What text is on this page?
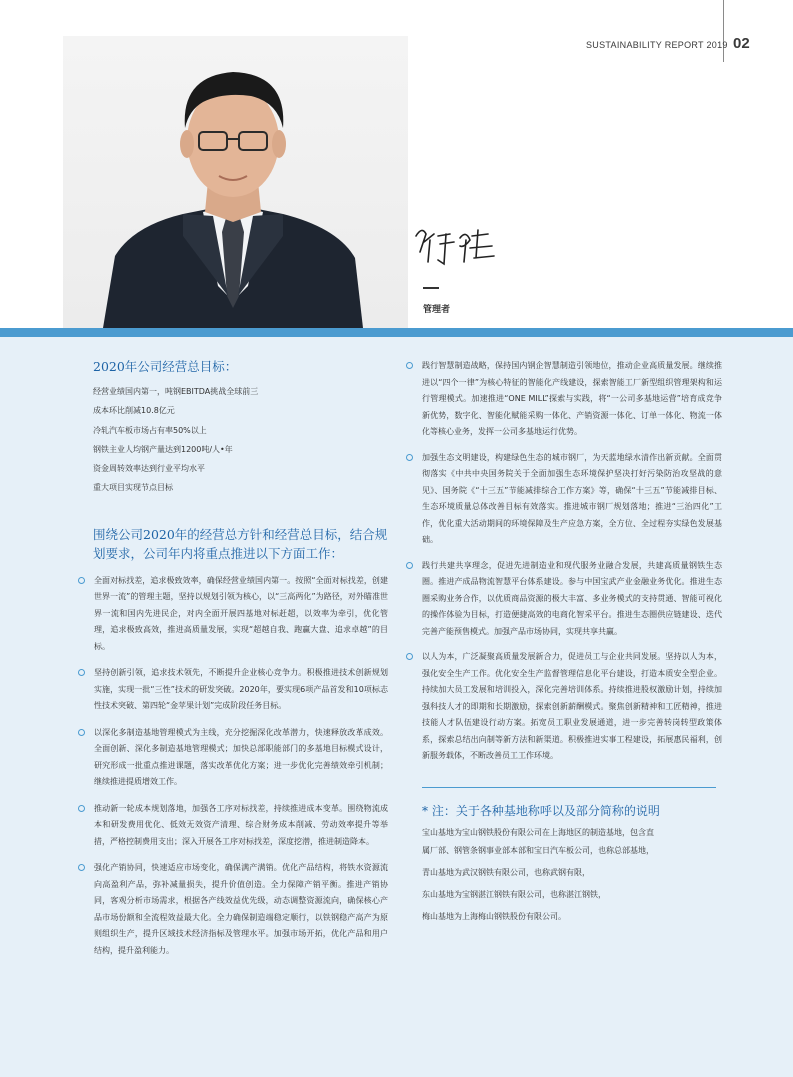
SUSTAINABILITY REPORT 2019 02
管理者
2020年公司经营总目标：
经营业绩国内第一，吨钢EBITDA挑战全球前三
成本环比削减10.8亿元
冷轧汽车板市场占有率50%以上
钢铁主业人均钢产量达到1200吨/人•年
资金周转效率达到行业平均水平
重大项目实现节点目标
围绕公司2020年的经营总方针和经营总目标，结合规划要求，公司年内将重点推进以下方面工作：
全面对标找差，追求极致效率，确保经营业绩国内第一。按照“全面对标找差，创建世界一流”的管理主题，坚持以规划引领为核心，以“三高两化”为路径，对外瞄准世界一流和国内先进民企，对内全面开展四基地对标赶超，以效率为牵引，优化管理，追求极致高效，推进高质量发展，实现“超越自我、跑赢大盘、追求卓越”的目标。
坚持创新引领，追求技术领先，不断提升企业核心竞争力。积极推进技术创新规划实施，实现一批“三性”技术的研发突破。2020年，要实现6项产品首发和10项标志性技术突破、第四轮“金苹果计划”完成阶段任务目标。
以深化多制造基地管理模式为主线，充分挖掘深化改革潜力，快速释放改革成效。全面创新、深化多制造基地管理模式；加快总部职能部门的多基地目标模式设计，研究形成一批重点推进课题，落实改革优化方案；进一步优化完善绩效牵引机制；继续推进提质增效工作。
推动新一轮成本规划落地，加强各工序对标找差，持续推进成本变革。围绕物流成本和研发费用优化、低效无效资产清理、综合财务成本削减、劳动效率提升等举措，严格控制费用支出；深入开展各工序对标找差，深度挖潜，推进制造降本。
强化产销协同，快速适应市场变化，确保满产满销。优化产品结构，将铁水资源流向高盈利产品，弥补减量损失，提升价值创造。全力保障产销平衡。推进产销协同，客观分析市场需求，根据各产线效益优先级，动态调整资源流向，确保核心产品市场份额和全流程效益最大化。全力确保制造端稳定顺行，以铁钢稳产高产为原则组织生产，提升区域技术经济指标及管理水平。加强市场开拓，优化产品和用户结构，提升盈利能力。
践行智慧制造战略，保持国内钢企智慧制造引领地位，推动企业高质量发展。继续推进以“四个一律”为核心特征的智能化产线建设，探索智能工厂新型组织管理架构和运行管理模式。加速推进“ONE MILL”探索与实践，将“一公司多基地运营”培育成竞争新优势，数字化、智能化赋能采购一体化、产销资源一体化、订单一体化、物流一体化等核心业务，发挥一公司多基地运行优势。
加强生态文明建设，构建绿色生态的城市钢厂，为天蓝地绿水清作出新贡献。全面贯彻落实《中共中央国务院关于全面加强生态环境保护坚决打好污染防治攻坚战的意见》、国务院《“十三五”节能减排综合工作方案》等，确保“十三五”节能减排目标、生态环境质量总体改善目标有效落实。推进城市钢厂规划落地；推进“三治四化”工作，优化重大活动期间的环境保障及生产应急方案，全方位、全过程夯实绿色发展基础。
践行共建共享理念，促进先进制造业和现代服务业融合发展，共建高质量钢铁生态圈。推进产成品物流智慧平台体系建设。参与中国宝武产业金融业务优化。推进生态圈采购业务合作，以优质商品资源的极大丰富、多业务模式的支持贯通、智能可视化的操作体验为目标，打造便捷高效的电商化智采平台。推进生态圈供应链建设、迭代完善产能预售模式。加强产品市场协同，实现共享共赢。
以人为本，广泛凝聚高质量发展新合力，促进员工与企业共同发展。坚持以人为本，强化安全生产工作。优化安全生产监督管理信息化平台建设，打造本质安全型企业。持续加大员工发展和培训投入，深化完善培训体系。持续推进股权激励计划，持续加强科技人才的即期和长期激励，探索创新薪酬模式。聚焦创新精神和工匠精神，推进技能人才队伍建设行动方案。拓宽员工职业发展通道，进一步完善转岗转型政策体系，探索总结出向制等新方法和新渠道。积极推进实事工程建设，拓展惠民福利，创新服务载体，不断改善员工工作环境。
* 注：关于各种基地称呼以及部分简称的说明
宝山基地为宝山钢铁股份有限公司在上海地区的制造基地，包含直
属厂部、钢管条钢事业部本部和宝日汽车板公司，也称总部基地，
青山基地为武汉钢铁有限公司，也称武钢有限，
东山基地为宝钢湛江钢铁有限公司，也称湛江钢铁，
梅山基地为上海梅山钢铁股份有限公司。
